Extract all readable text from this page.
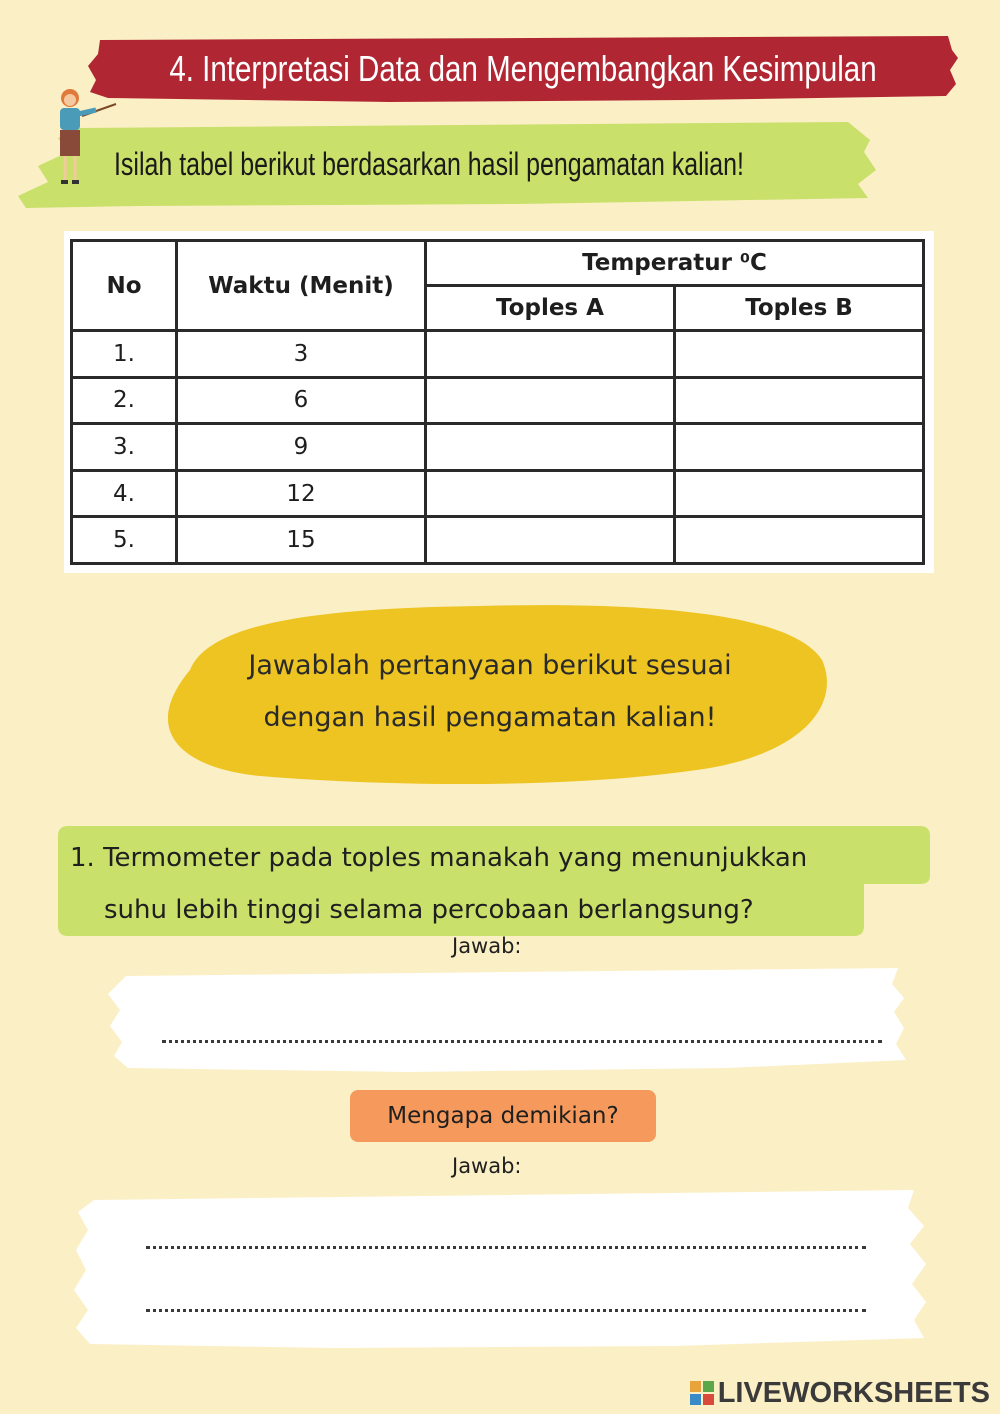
4. Interpretasi Data dan Mengembangkan Kesimpulan
Isilah tabel berikut berdasarkan hasil pengamatan kalian!
No	Waktu (Menit)	Temperatur ⁰C	
		Toples A	Toples B
1.	3		
2.	6		
3.	9		
4.	12		
5.	15		
Jawablah pertanyaan berikut sesuai
dengan hasil pengamatan kalian!
1. Termometer pada toples manakah yang menunjukkan
suhu lebih tinggi selama percobaan berlangsung?
Jawab:
Mengapa demikian?
Jawab:
LIVEWORKSHEETS
